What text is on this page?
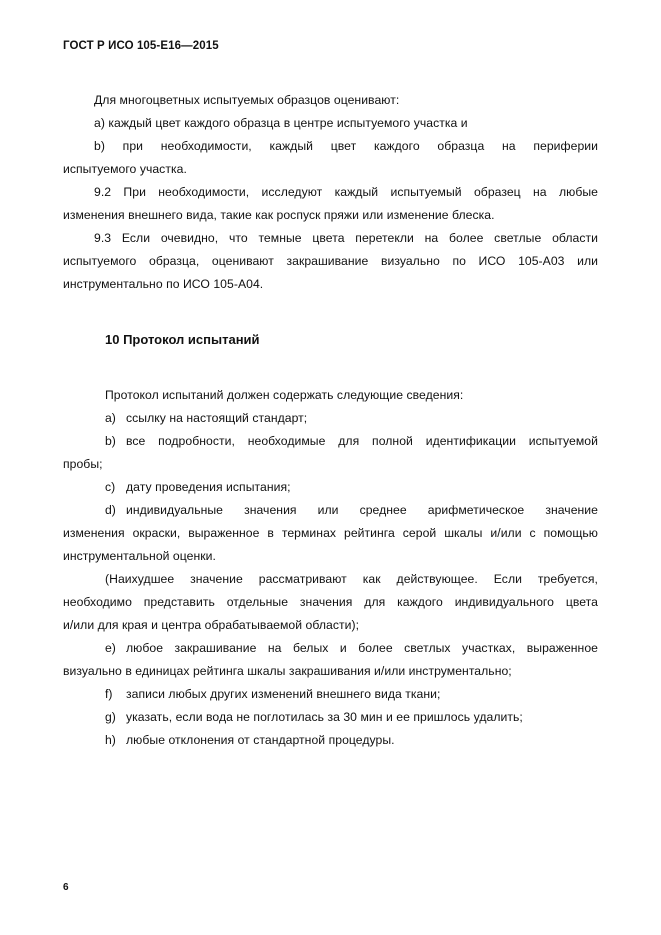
ГОСТ Р ИСО 105-E16—2015
Для многоцветных испытуемых образцов оценивают:
а) каждый цвет каждого образца в центре испытуемого участка и
b) при необходимости, каждый цвет каждого образца на периферии
испытуемого участка.
9.2 При необходимости, исследуют каждый испытуемый образец на любые
изменения внешнего вида, такие как роспуск пряжи или изменение блеска.
9.3 Если очевидно, что темные цвета перетекли на более светлые области
испытуемого образца, оценивают закрашивание визуально по ИСО 105-А03 или
инструментально по ИСО 105-А04.
10 Протокол испытаний
Протокол испытаний должен содержать следующие сведения:
a) ссылку на настоящий стандарт;
b) все подробности, необходимые для полной идентификации испытуемой
пробы;
c) дату проведения испытания;
d) индивидуальные значения или среднее арифметическое значение
изменения окраски, выраженное в терминах рейтинга серой шкалы и/или с помощью
инструментальной оценки.
(Наихудшее значение рассматривают как действующее. Если требуется,
необходимо представить отдельные значения для каждого индивидуального цвета
и/или для края и центра обрабатываемой области);
e) любое закрашивание на белых и более светлых участках, выраженное
визуально в единицах рейтинга шкалы закрашивания и/или инструментально;
f) записи любых других изменений внешнего вида ткани;
g) указать, если вода не поглотилась за 30 мин и ее пришлось удалить;
h) любые отклонения от стандартной процедуры.
6
